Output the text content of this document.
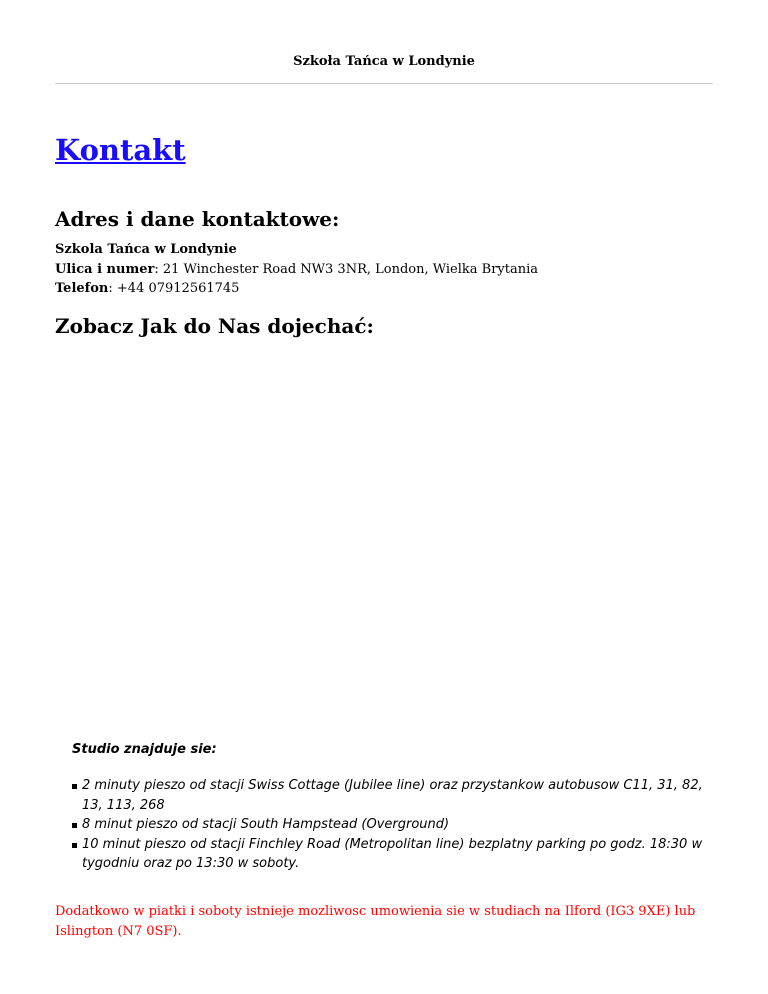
Szkoła Tańca w Londynie
Kontakt
Adres i dane kontaktowe:
Szkola Tańca w Londynie
Ulica i numer: 21 Winchester Road NW3 3NR, London, Wielka Brytania
Telefon: +44 07912561745
Zobacz Jak do Nas dojechać:
Studio znajduje sie:
2 minuty pieszo od stacji Swiss Cottage (Jubilee line) oraz przystankow autobusow C11, 31, 82, 13, 113, 268
8 minut pieszo od stacji South Hampstead (Overground)
10 minut pieszo od stacji Finchley Road (Metropolitan line) bezplatny parking po godz. 18:30 w tygodniu oraz po 13:30 w soboty.
Dodatkowo w piatki i soboty istnieje mozliwosc umowienia sie w studiach na Ilford (IG3 9XE) lub Islington (N7 0SF).
